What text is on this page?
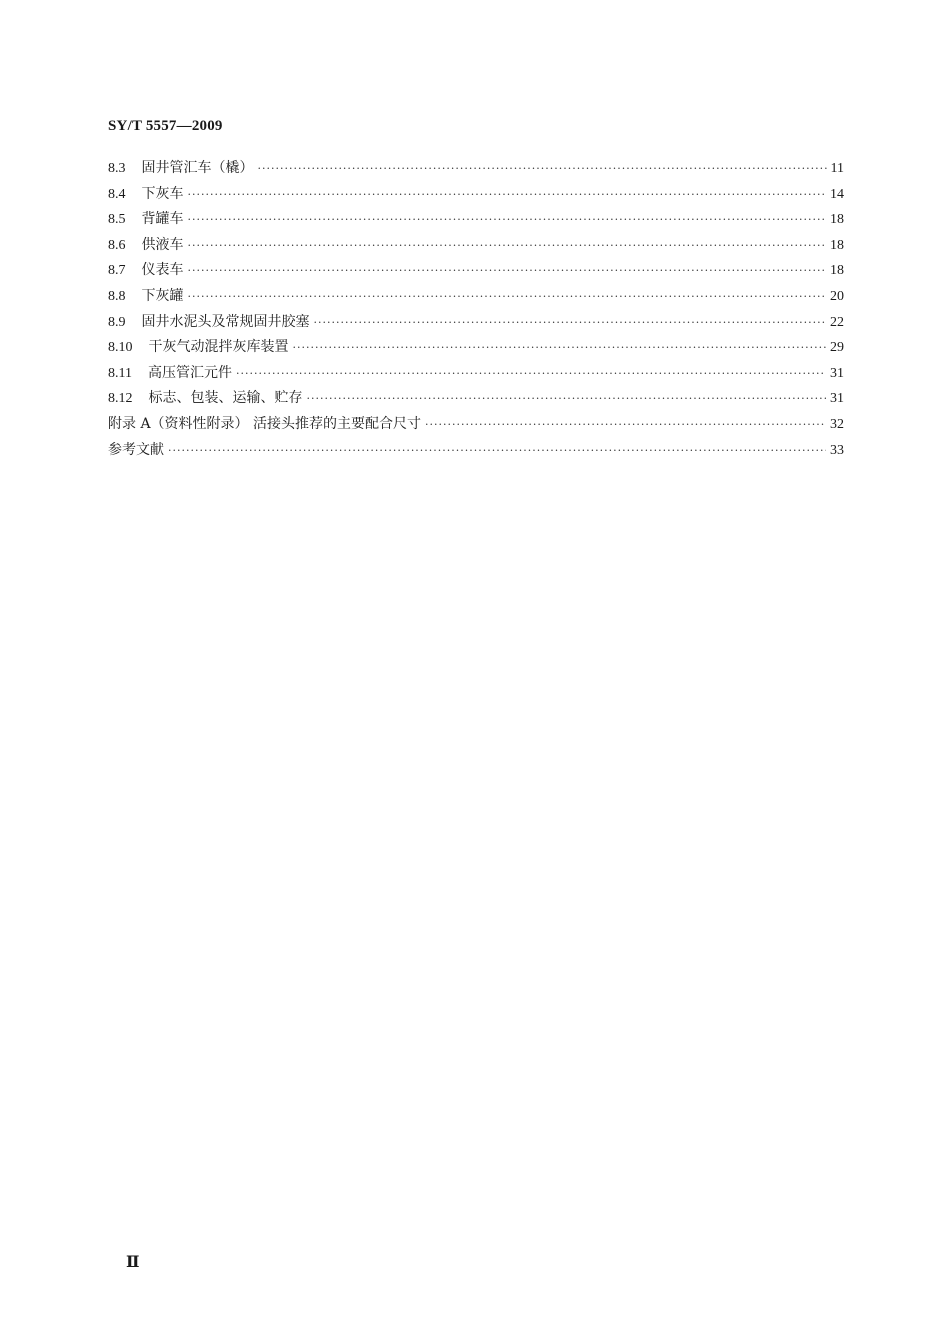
SY/T 5557—2009
8.3 固井管汇车（橇） ·····	11
8.4 下灰车 ·····	14
8.5 背罐车 ·····	18
8.6 供液车 ·····	18
8.7 仪表车 ·····	18
8.8 下灰罐 ·····	20
8.9 固井水泥头及常规固井胶塞 ·····	22
8.10 干灰气动混拌灰库装置 ·····	29
8.11 高压管汇元件 ·····	31
8.12 标志、包装、运输、贮存 ·····	31
附录 A（资料性附录） 活接头推荐的主要配合尺寸 ·····	32
参考文献 ·····	33
Ⅱ
